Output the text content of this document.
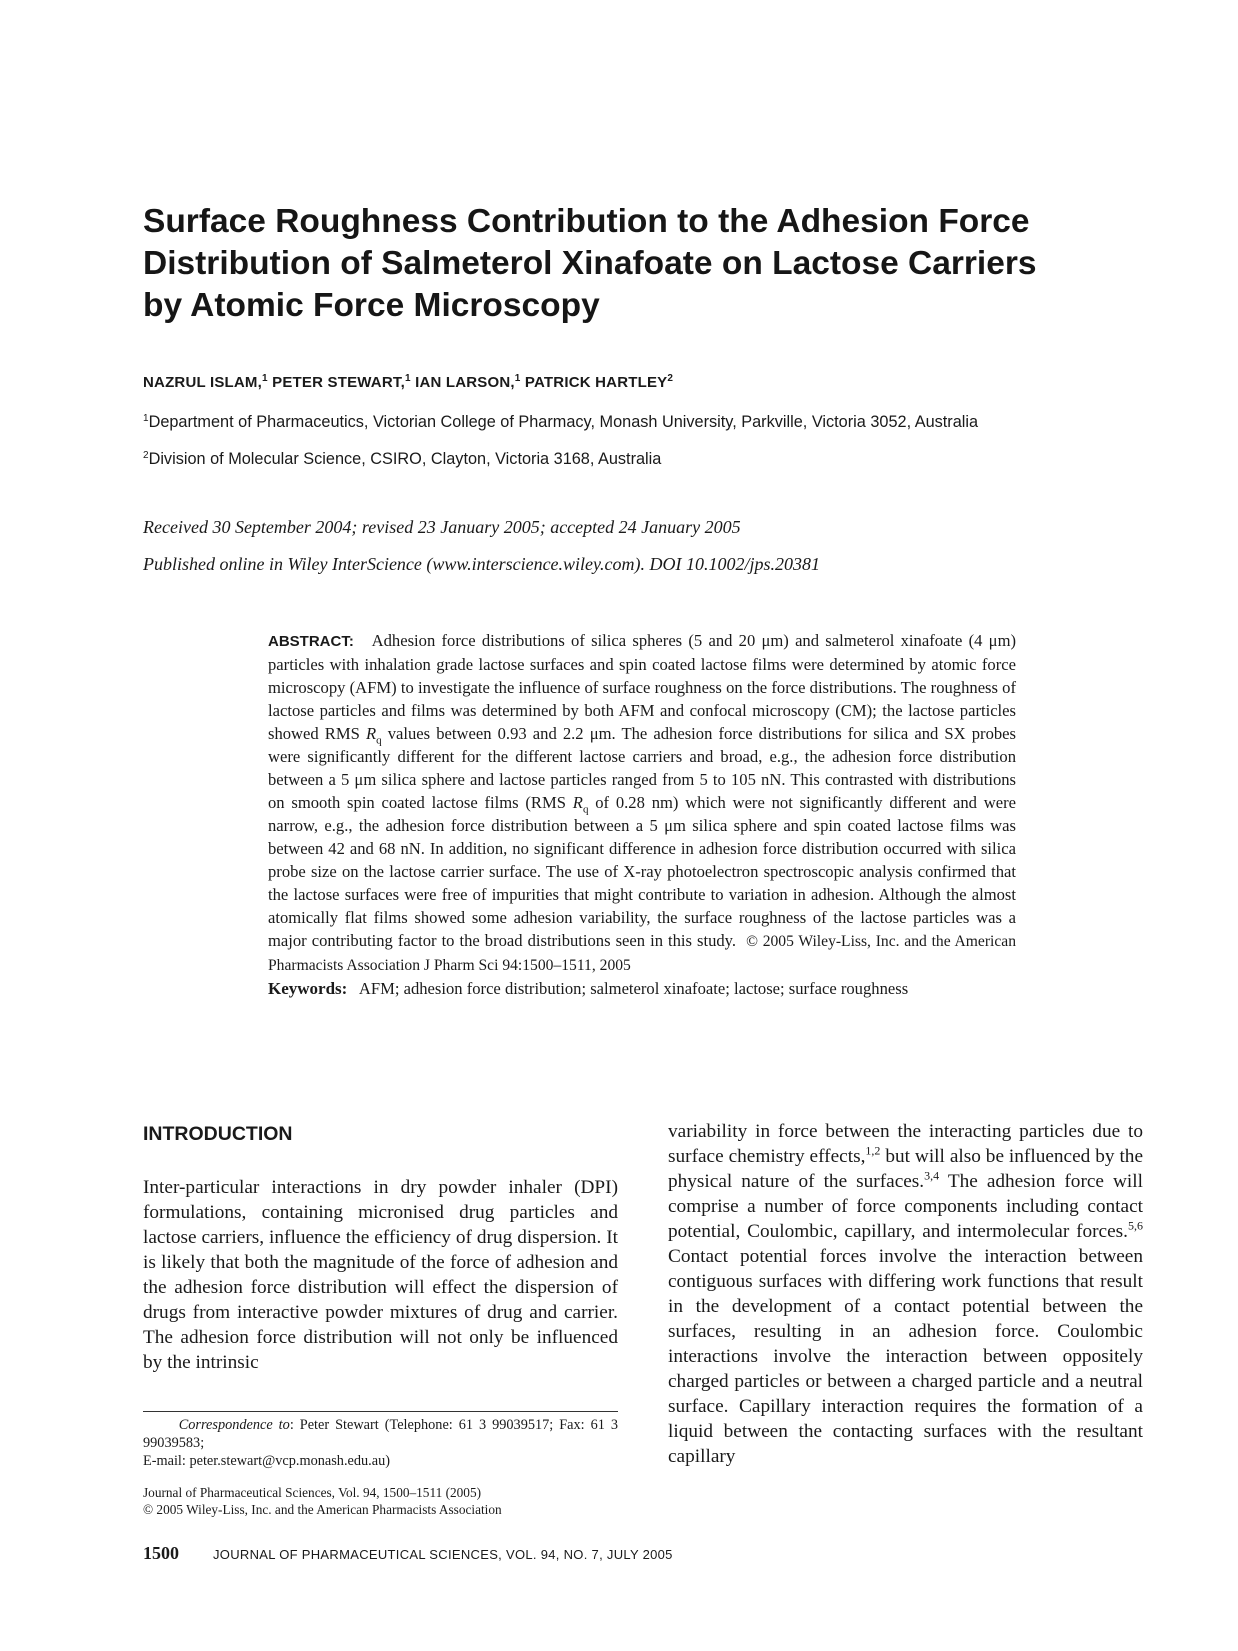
Surface Roughness Contribution to the Adhesion Force
Distribution of Salmeterol Xinafoate on Lactose Carriers
by Atomic Force Microscopy
NAZRUL ISLAM,$^1$ PETER STEWART,$^1$ IAN LARSON,$^1$ PATRICK HARTLEY$^2$
$^1$Department of Pharmaceutics, Victorian College of Pharmacy, Monash University, Parkville, Victoria 3052, Australia
$^2$Division of Molecular Science, CSIRO, Clayton, Victoria 3168, Australia
Received 30 September 2004; revised 23 January 2005; accepted 24 January 2005
Published online in Wiley InterScience (www.interscience.wiley.com). DOI 10.1002/jps.20381
ABSTRACT: Adhesion force distributions of silica spheres (5 and 20 μm) and salmeterol xinafoate (4 μm) particles with inhalation grade lactose surfaces and spin coated lactose films were determined by atomic force microscopy (AFM) to investigate the influence of surface roughness on the force distributions. The roughness of lactose particles and films was determined by both AFM and confocal microscopy (CM); the lactose particles showed RMS $R_q$ values between 0.93 and 2.2 μm. The adhesion force distributions for silica and SX probes were significantly different for the different lactose carriers and broad, e.g., the adhesion force distribution between a 5 μm silica sphere and lactose particles ranged from 5 to 105 nN. This contrasted with distributions on smooth spin coated lactose films (RMS $R_q$ of 0.28 nm) which were not significantly different and were narrow, e.g., the adhesion force distribution between a 5 μm silica sphere and spin coated lactose films was between 42 and 68 nN. In addition, no significant difference in adhesion force distribution occurred with silica probe size on the lactose carrier surface. The use of X-ray photoelectron spectroscopic analysis confirmed that the lactose surfaces were free of impurities that might contribute to variation in adhesion. Although the almost atomically flat films showed some adhesion variability, the surface roughness of the lactose particles was a major contributing factor to the broad distributions seen in this study. © 2005 Wiley-Liss, Inc. and the American Pharmacists Association J Pharm Sci 94:1500–1511, 2005
Keywords: AFM; adhesion force distribution; salmeterol xinafoate; lactose; surface roughness
INTRODUCTION
Inter-particular interactions in dry powder inhaler (DPI) formulations, containing micronised drug particles and lactose carriers, influence the efficiency of drug dispersion. It is likely that both the magnitude of the force of adhesion and the adhesion force distribution will effect the dispersion of drugs from interactive powder mixtures of drug and carrier. The adhesion force distribution will not only be influenced by the intrinsic
variability in force between the interacting particles due to surface chemistry effects,$^{1,2}$ but will also be influenced by the physical nature of the surfaces.$^{3,4}$ The adhesion force will comprise a number of force components including contact potential, Coulombic, capillary, and intermolecular forces.$^{5,6}$ Contact potential forces involve the interaction between contiguous surfaces with differing work functions that result in the development of a contact potential between the surfaces, resulting in an adhesion force. Coulombic interactions involve the interaction between oppositely charged particles or between a charged particle and a neutral surface. Capillary interaction requires the formation of a liquid between the contacting surfaces with the resultant capillary
Correspondence to: Peter Stewart (Telephone: 61 3 99039517; Fax: 61 3 99039583;
E-mail: peter.stewart@vcp.monash.edu.au)
Journal of Pharmaceutical Sciences, Vol. 94, 1500–1511 (2005)
© 2005 Wiley-Liss, Inc. and the American Pharmacists Association
1500	JOURNAL OF PHARMACEUTICAL SCIENCES, VOL. 94, NO. 7, JULY 2005
